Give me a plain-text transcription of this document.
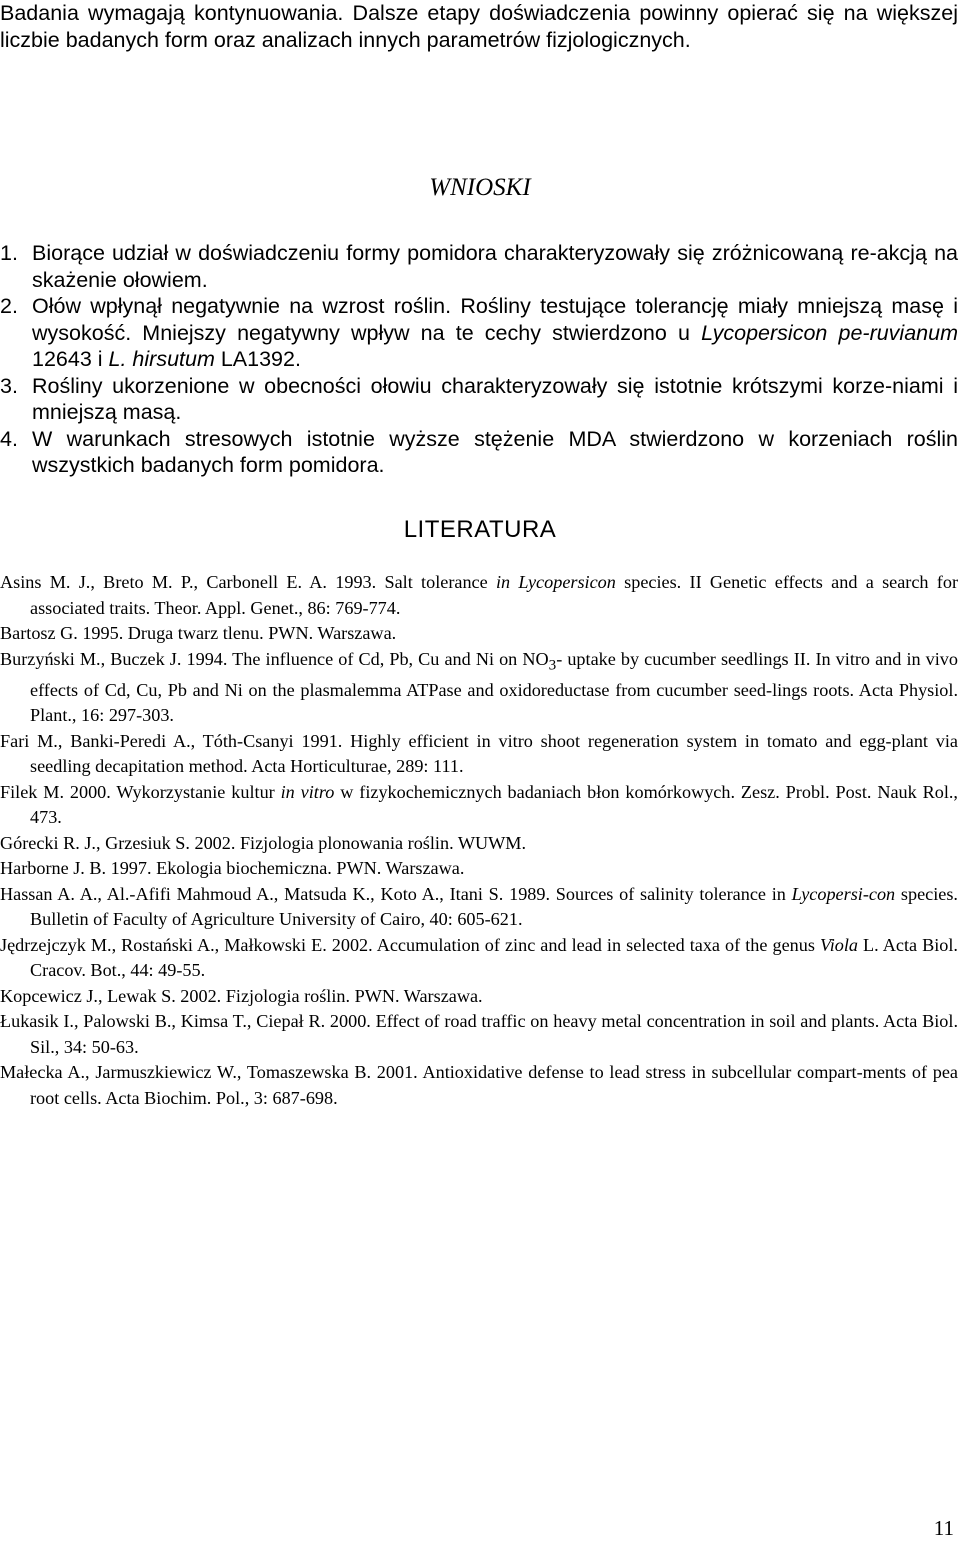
Badania wymagają kontynuowania. Dalsze etapy doświadczenia powinny opierać się na większej liczbie badanych form oraz analizach innych parametrów fizjologicznych.

WNIOSKI
1. Biorące udział w doświadczeniu formy pomidora charakteryzowały się zróżnicowaną re-akcją na skażenie ołowiem.
2. Ołów wpłynął negatywnie na wzrost roślin. Rośliny testujące tolerancję miały mniejszą masę i wysokość. Mniejszy negatywny wpływ na te cechy stwierdzono u Lycopersicon pe-ruvianum 12643 i L. hirsutum LA1392.
3. Rośliny ukorzenione w obecności ołowiu charakteryzowały się istotnie krótszymi korze-niami i mniejszą masą.
4. W warunkach stresowych istotnie wyższe stężenie MDA stwierdzono w korzeniach roślin wszystkich badanych form pomidora.
LITERATURA
Asins M. J., Breto M. P., Carbonell E. A. 1993. Salt tolerance in Lycopersicon species. II Genetic effects and a search for associated traits. Theor. Appl. Genet., 86: 769-774.
Bartosz G. 1995. Druga twarz tlenu. PWN. Warszawa.
Burzyński M., Buczek J. 1994. The influence of Cd, Pb, Cu and Ni on $NO_3-$ uptake by cucumber seedlings II. In vitro and in vivo effects of Cd, Cu, Pb and Ni on the plasmalemma ATPase and oxidoreductase from cucumber seed-lings roots. Acta Physiol. Plant., 16: 297-303.
Fari M., Banki-Peredi A., Tóth-Csanyi 1991. Highly efficient in vitro shoot regeneration system in tomato and egg-plant via seedling decapitation method. Acta Horticulturae, 289: 111.
Filek M. 2000. Wykorzystanie kultur in vitro w fizykochemicznych badaniach błon komórkowych. Zesz. Probl. Post. Nauk Rol., 473.
Górecki R. J., Grzesiuk S. 2002. Fizjologia plonowania roślin. WUWM.
Harborne J. B. 1997. Ekologia biochemiczna. PWN. Warszawa.
Hassan A. A., Al.-Afifi Mahmoud A., Matsuda K., Koto A., Itani S. 1989. Sources of salinity tolerance in Lycopersi-con species. Bulletin of Faculty of Agriculture University of Cairo, 40: 605-621.
Jędrzejczyk M., Rostański A., Małkowski E. 2002. Accumulation of zinc and lead in selected taxa of the genus Viola L. Acta Biol. Cracov. Bot., 44: 49-55.
Kopcewicz J., Lewak S. 2002. Fizjologia roślin. PWN. Warszawa.
Łukasik I., Palowski B., Kimsa T., Ciepał R. 2000. Effect of road traffic on heavy metal concentration in soil and plants. Acta Biol. Sil., 34: 50-63.
Małecka A., Jarmuszkiewicz W., Tomaszewska B. 2001. Antioxidative defense to lead stress in subcellular compart-ments of pea root cells. Acta Biochim. Pol., 3: 687-698.
11
